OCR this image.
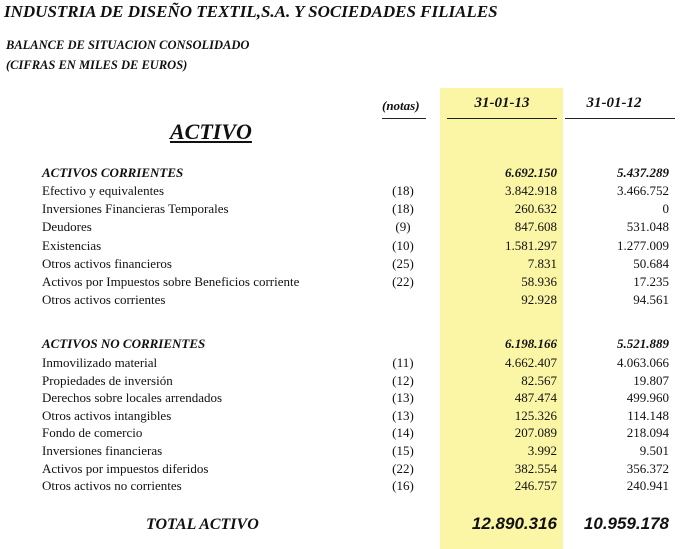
INDUSTRIA DE DISEÑO TEXTIL,S.A. Y SOCIEDADES FILIALES
BALANCE DE SITUACION CONSOLIDADO
(CIFRAS EN MILES DE EUROS)
(notas)	31-01-13	31-01-12
ACTIVO
ACTIVOS CORRIENTES	6.692.150	5.437.289
Efectivo y equivalentes	(18)	3.842.918	3.466.752
Inversiones Financieras Temporales	(18)	260.632	0
Deudores	(9)	847.608	531.048
Existencias	(10)	1.581.297	1.277.009
Otros activos financieros	(25)	7.831	50.684
Activos por Impuestos sobre Beneficios corriente	(22)	58.936	17.235
Otros activos corrientes	92.928	94.561
ACTIVOS NO CORRIENTES	6.198.166	5.521.889
Inmovilizado material	(11)	4.662.407	4.063.066
Propiedades de inversión	(12)	82.567	19.807
Derechos sobre locales arrendados	(13)	487.474	499.960
Otros activos intangibles	(13)	125.326	114.148
Fondo de comercio	(14)	207.089	218.094
Inversiones financieras	(15)	3.992	9.501
Activos por impuestos diferidos	(22)	382.554	356.372
Otros activos no corrientes	(16)	246.757	240.941
TOTAL ACTIVO	12.890.316 10.959.178
